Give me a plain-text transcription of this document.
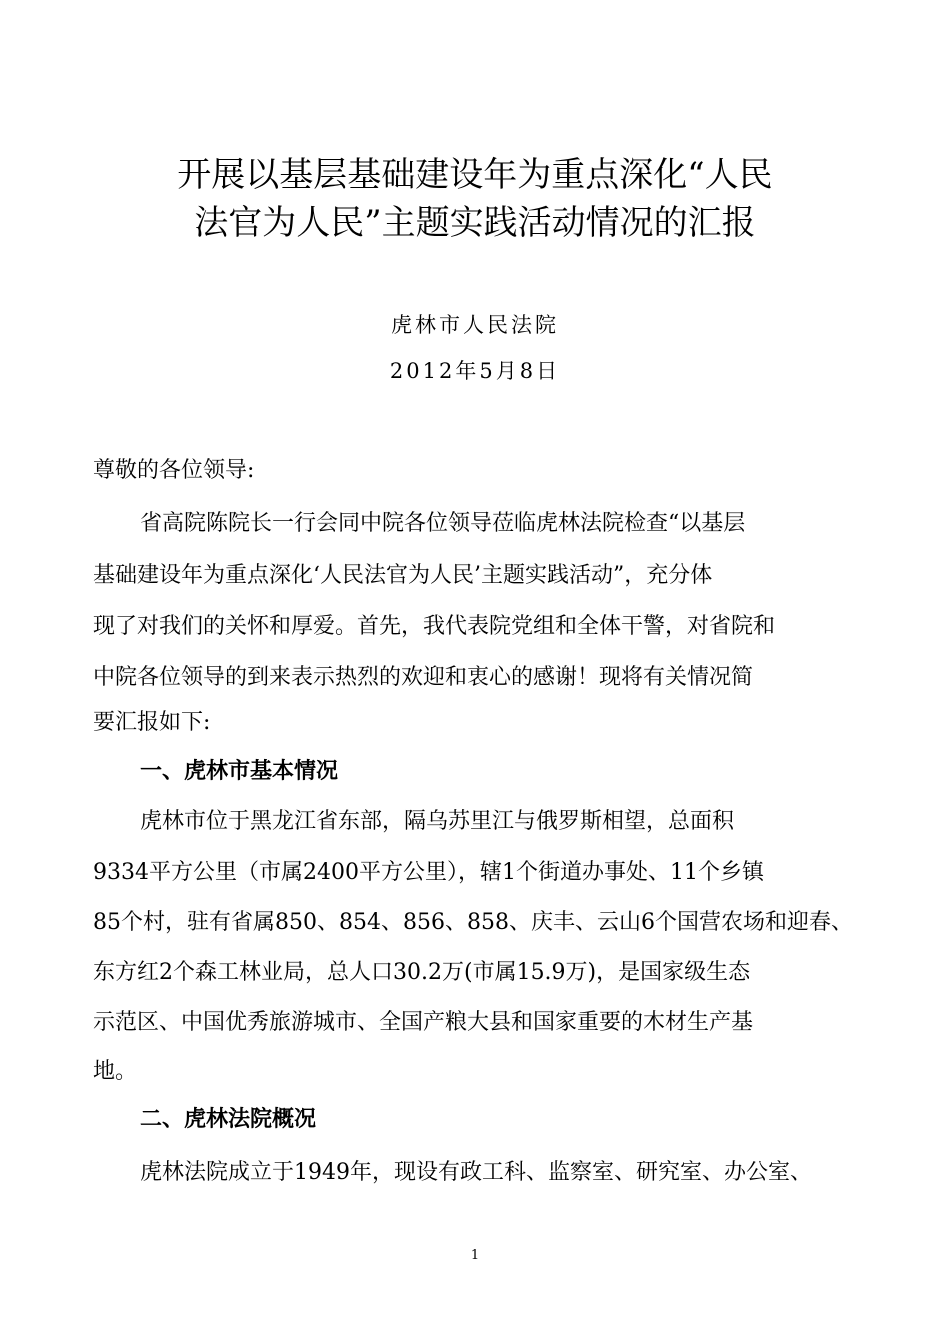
开展以基层基础建设年为重点深化“人民
法官为人民”主题实践活动情况的汇报
虎林市人民法院
2012年5月8日
尊敬的各位领导:
省高院陈院长一行会同中院各位领导莅临虎林法院检查“以基层
基础建设年为重点深化‘人民法官为人民’主题实践活动”，充分体
现了对我们的关怀和厚爱。首先，我代表院党组和全体干警，对省院和
中院各位领导的到来表示热烈的欢迎和衷心的感谢！现将有关情况简
要汇报如下:
一、虎林市基本情况
虎林市位于黑龙江省东部，隔乌苏里江与俄罗斯相望，总面积
9334平方公里（市属2400平方公里），辖1个街道办事处、11个乡镇
85个村，驻有省属850、854、856、858、庆丰、云山6个国营农场和迎春、
东方红2个森工林业局，总人口30.2万(市属15.9万)，是国家级生态
示范区、中国优秀旅游城市、全国产粮大县和国家重要的木材生产基
地。
二、虎林法院概况
虎林法院成立于1949年，现设有政工科、监察室、研究室、办公室、
1
